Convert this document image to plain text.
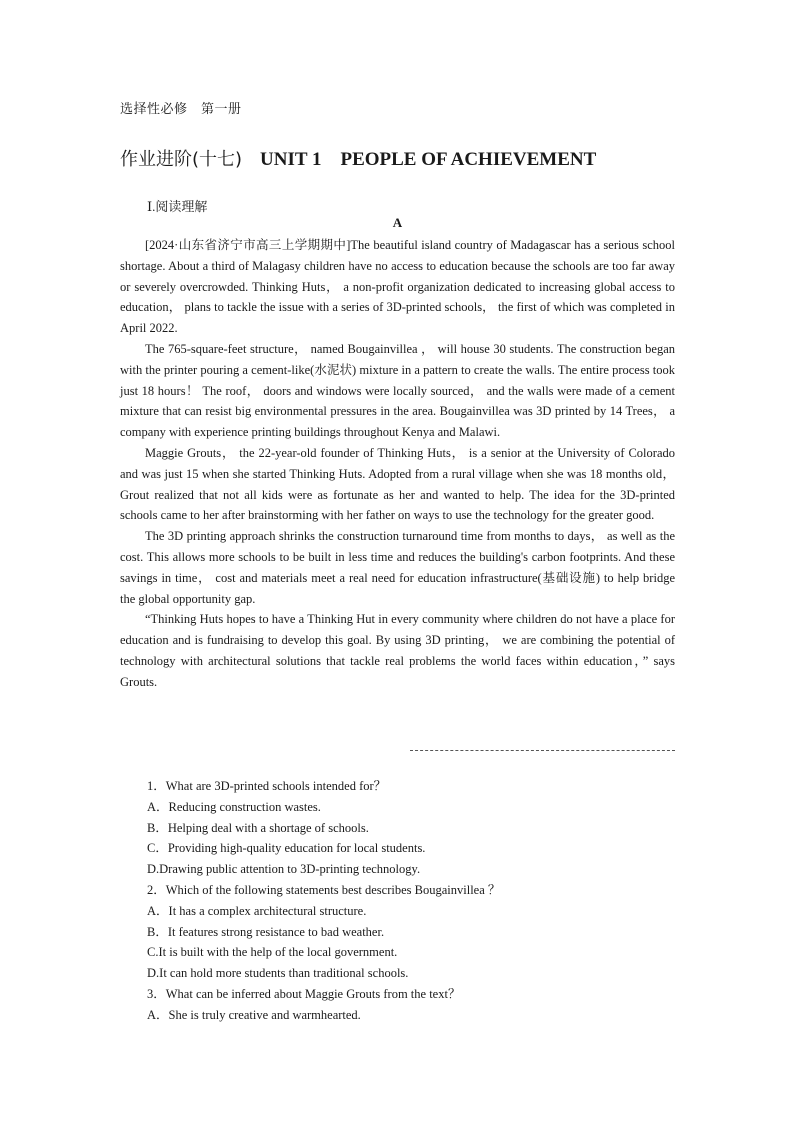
选择性必修　第一册
作业进阶(十七) UNIT 1　PEOPLE OF ACHIEVEMENT
Ⅰ.阅读理解
A

[2024·山东省济宁市高三上学期期中]The beautiful island country of Madagascar has a serious school shortage. About a third of Malagasy children have no access to education because the schools are too far away or severely overcrowded. Thinking Huts， a non-profit organization dedicated to increasing global access to education， plans to tackle the issue with a series of 3D-printed schools， the first of which was completed in April 2022.

The 765-square-feet structure， named Bougainvillea ， will house 30 students. The construction began with the printer pouring a cement-like(水泥状) mixture in a pattern to create the walls. The entire process took just 18 hours！ The roof， doors and windows were locally sourced， and the walls were made of a cement mixture that can resist big environmental pressures in the area. Bougainvillea was 3D printed by 14 Trees， a company with experience printing buildings throughout Kenya and Malawi.

Maggie Grouts， the 22-year-old founder of Thinking Huts， is a senior at the University of Colorado and was just 15 when she started Thinking Huts. Adopted from a rural village when she was 18 months old， Grout realized that not all kids were as fortunate as her and wanted to help. The idea for the 3D-printed schools came to her after brainstorming with her father on ways to use the technology for the greater good.

The 3D printing approach shrinks the construction turnaround time from months to days， as well as the cost. This allows more schools to be built in less time and reduces the building's carbon footprints. And these savings in time， cost and materials meet a real need for education infrastructure(基础设施) to help bridge the global opportunity gap.

“Thinking Huts hopes to have a Thinking Hut in every community where children do not have a place for education and is fundraising to develop this goal. By using 3D printing， we are combining the potential of technology with architectural solutions that tackle real problems the world faces within education，” says Grouts.

1．What are 3D-printed schools intended for？
A．Reducing construction wastes.
B．Helping deal with a shortage of schools.
C．Providing high-quality education for local students.
D.Drawing public attention to 3D-printing technology.
2．Which of the following statements best describes Bougainvillea ？
A．It has a complex architectural structure.
B．It features strong resistance to bad weather.
C.It is built with the help of the local government.
D.It can hold more students than traditional schools.
3．What can be inferred about Maggie Grouts from the text？
A．She is truly creative and warmhearted.
